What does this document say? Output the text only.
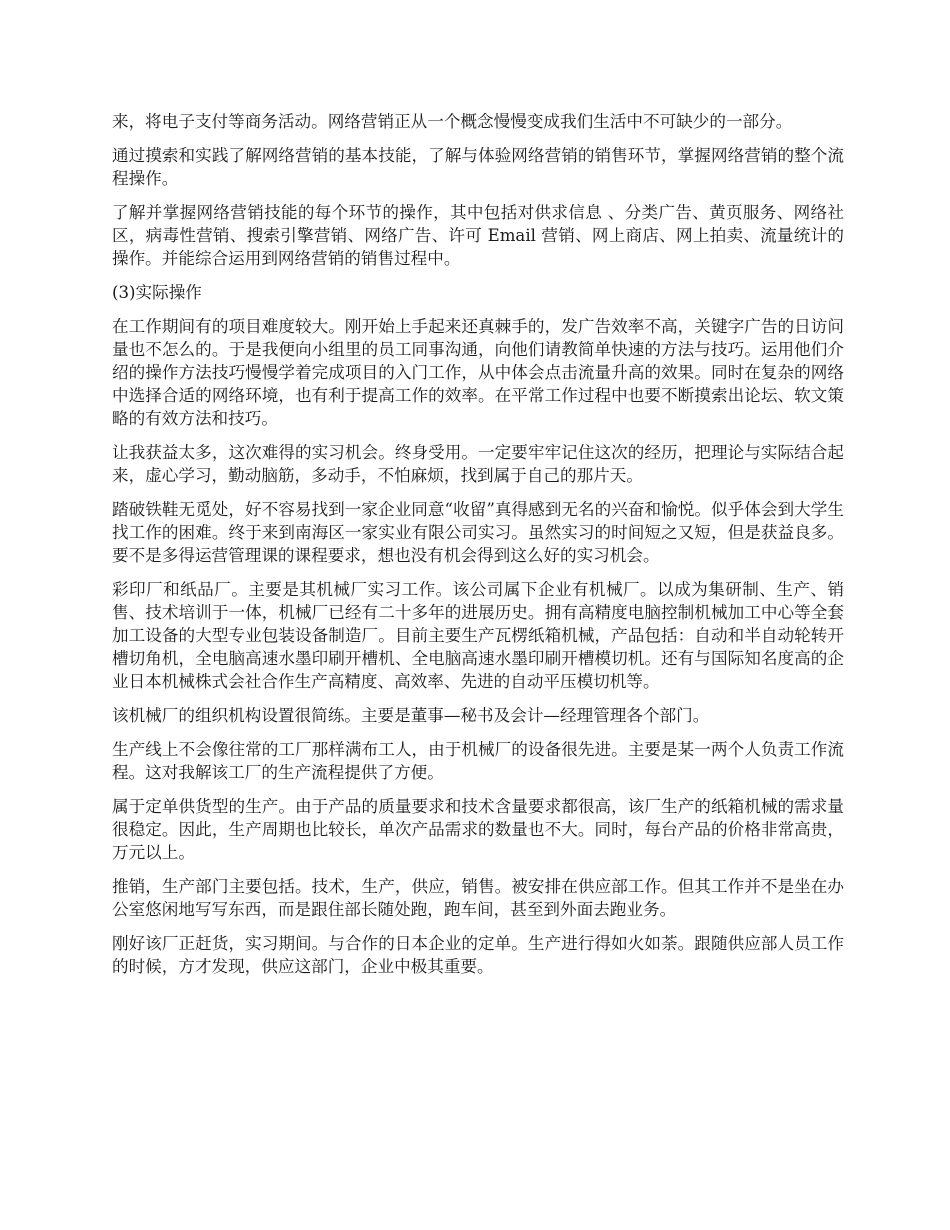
来，将电子支付等商务活动。网络营销正从一个概念慢慢变成我们生活中不可缺少的一部分。

通过摸索和实践了解网络营销的基本技能，了解与体验网络营销的销售环节，掌握网络营销的整个流程操作。

了解并掌握网络营销技能的每个环节的操作，其中包括对供求信息 、分类广告、黄页服务、网络社区，病毒性营销、搜索引擎营销、网络广告、许可 Email 营销、网上商店、网上拍卖、流量统计的操作。并能综合运用到网络营销的销售过程中。

(3)实际操作

在工作期间有的项目难度较大。刚开始上手起来还真棘手的，发广告效率不高，关键字广告的日访问量也不怎么的。于是我便向小组里的员工同事沟通，向他们请教简单快速的方法与技巧。运用他们介绍的操作方法技巧慢慢学着完成项目的入门工作，从中体会点击流量升高的效果。同时在复杂的网络中选择合适的网络环境，也有利于提高工作的效率。在平常工作过程中也要不断摸索出论坛、软文策略的有效方法和技巧。

让我获益太多，这次难得的实习机会。终身受用。一定要牢牢记住这次的经历，把理论与实际结合起来，虚心学习，勤动脑筋，多动手，不怕麻烦，找到属于自己的那片天。

踏破铁鞋无觅处，好不容易找到一家企业同意“收留”真得感到无名的兴奋和愉悦。似乎体会到大学生找工作的困难。终于来到南海区一家实业有限公司实习。虽然实习的时间短之又短，但是获益良多。要不是多得运营管理课的课程要求，想也没有机会得到这么好的实习机会。

彩印厂和纸品厂。主要是其机械厂实习工作。该公司属下企业有机械厂。以成为集研制、生产、销售、技术培训于一体，机械厂已经有二十多年的进展历史。拥有高精度电脑控制机械加工中心等全套加工设备的大型专业包装设备制造厂。目前主要生产瓦楞纸箱机械，产品包括：自动和半自动轮转开槽切角机，全电脑高速水墨印刷开槽机、全电脑高速水墨印刷开槽模切机。还有与国际知名度高的企业日本机械株式会社合作生产高精度、高效率、先进的自动平压模切机等。

该机械厂的组织机构设置很简练。主要是董事—秘书及会计—经理管理各个部门。

生产线上不会像往常的工厂那样满布工人，由于机械厂的设备很先进。主要是某一两个人负责工作流程。这对我解该工厂的生产流程提供了方便。

属于定单供货型的生产。由于产品的质量要求和技术含量要求都很高，该厂生产的纸箱机械的需求量很稳定。因此，生产周期也比较长，单次产品需求的数量也不大。同时，每台产品的价格非常高贵，万元以上。

推销，生产部门主要包括。技术，生产，供应，销售。被安排在供应部工作。但其工作并不是坐在办公室悠闲地写写东西，而是跟住部长随处跑，跑车间，甚至到外面去跑业务。

刚好该厂正赶货，实习期间。与合作的日本企业的定单。生产进行得如火如荼。跟随供应部人员工作的时候，方才发现，供应这部门，企业中极其重要。
